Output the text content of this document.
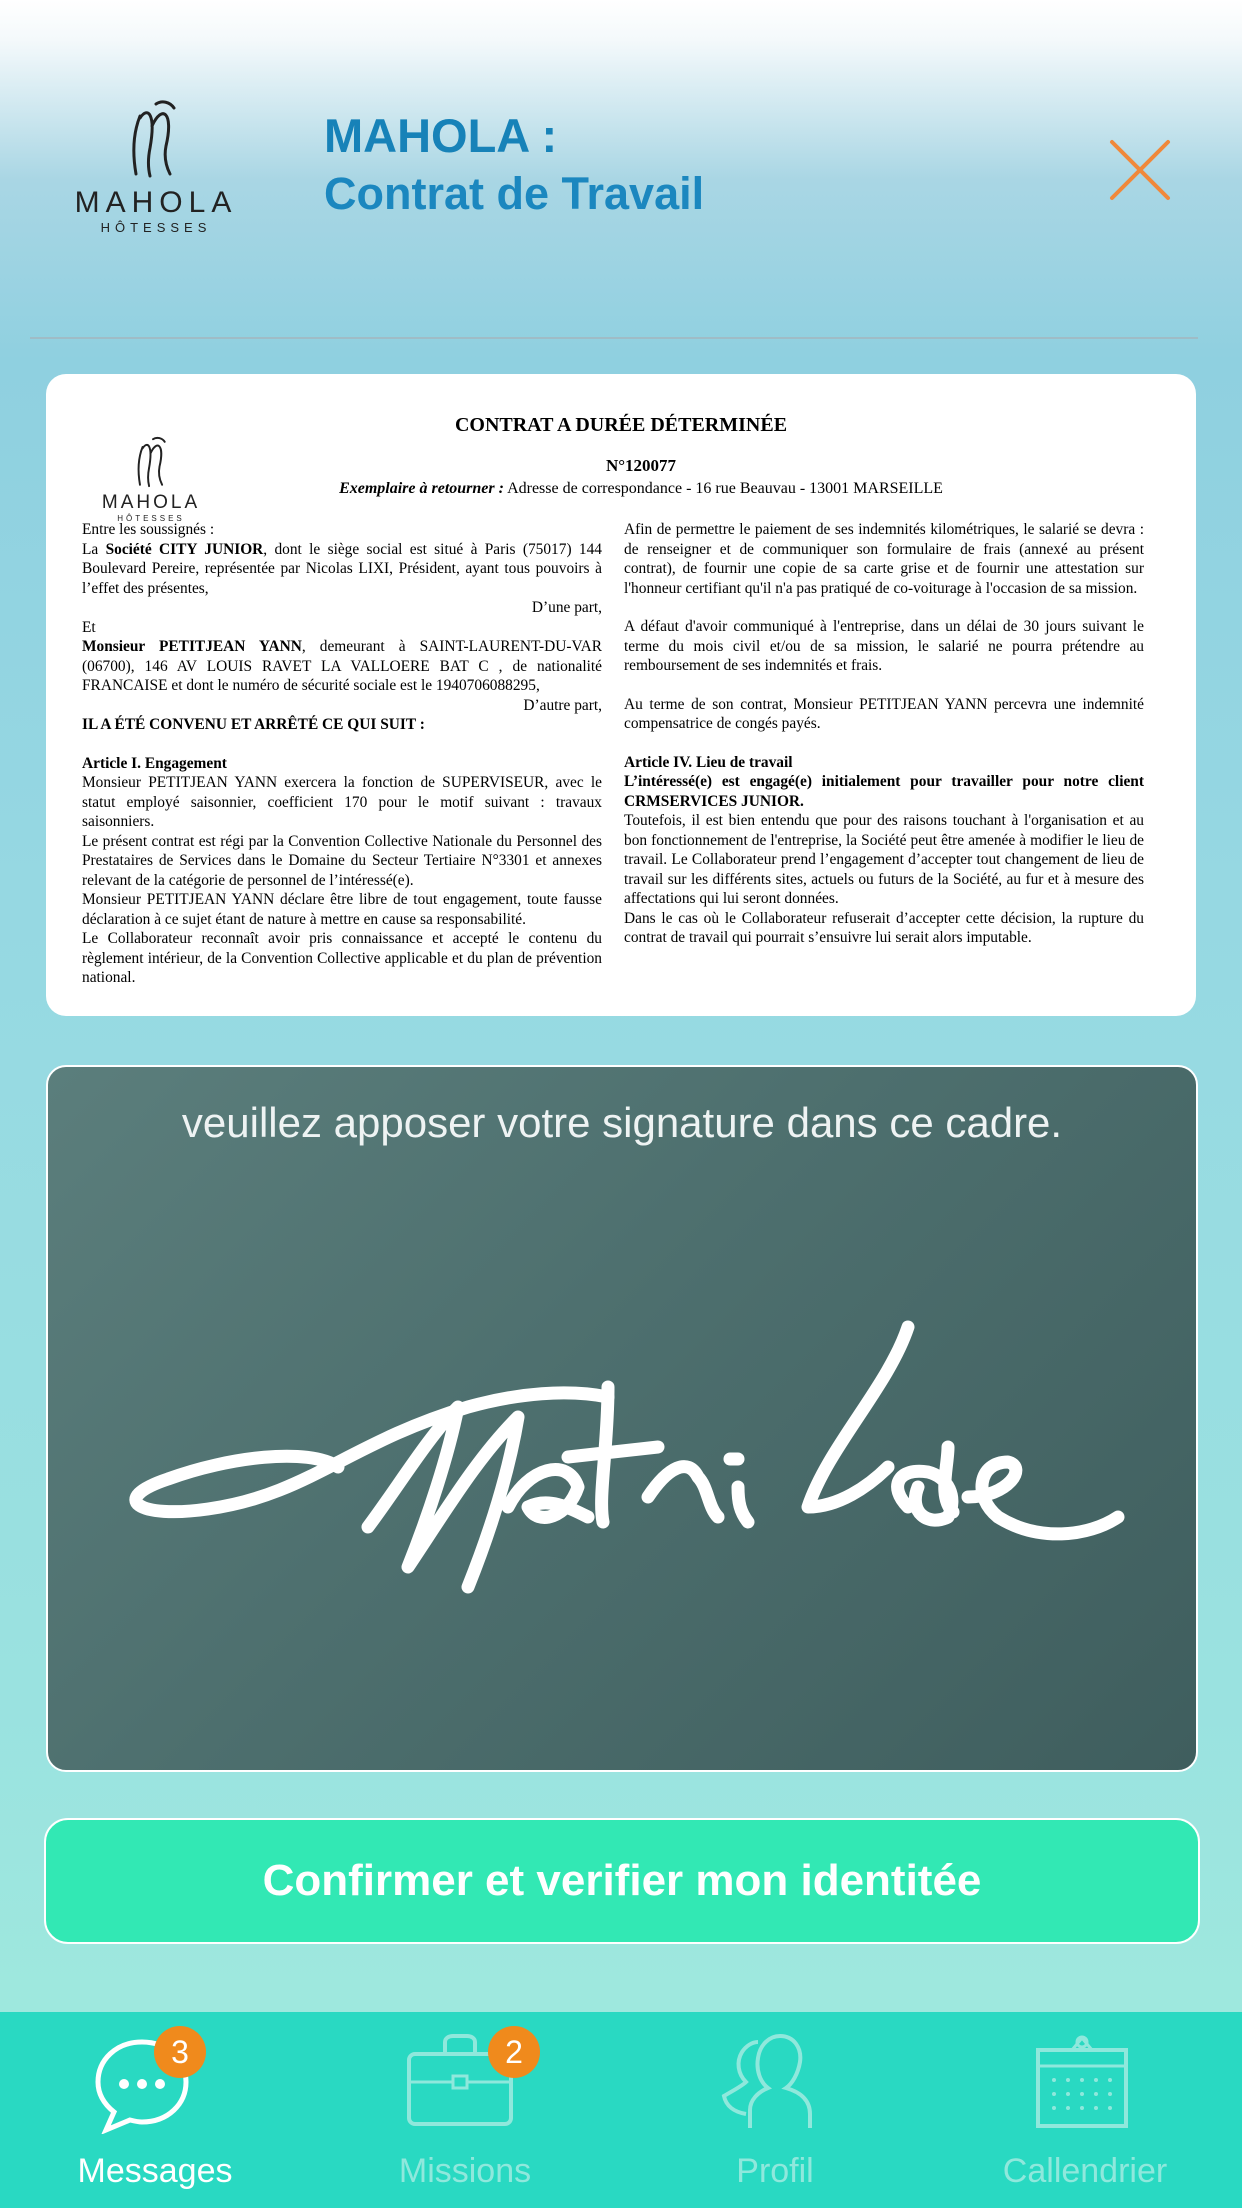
MAHOLA
HÔTESSES
MAHOLA :
Contrat de Travail
MAHOLA
HÔTESSES
CONTRAT A DURÉE DÉTERMINÉE
N°120077
Exemplaire à retourner : Adresse de correspondance - 16 rue Beauvau - 13001 MARSEILLE

Entre les soussignés :

La Société CITY JUNIOR, dont le siège social est situé à Paris (75017) 144 Boulevard Pereire, représentée par Nicolas LIXI, Président, ayant tous pouvoirs à l’effet des présentes,

D’une part,

Et

Monsieur PETITJEAN YANN, demeurant à SAINT-LAURENT-DU-VAR (06700), 146 AV LOUIS RAVET LA VALLOERE BAT C , de nationalité FRANCAISE et dont le numéro de sécurité sociale est le 1940706088295,

D’autre part,

IL A ÉTÉ CONVENU ET ARRÊTÉ CE QUI SUIT :

Article I. Engagement

Monsieur PETITJEAN YANN exercera la fonction de SUPERVISEUR, avec le statut employé saisonnier, coefficient 170 pour le motif suivant : travaux saisonniers.

Le présent contrat est régi par la Convention Collective Nationale du Personnel des Prestataires de Services dans le Domaine du Secteur Tertiaire N°3301 et annexes relevant de la catégorie de personnel de l’intéressé(e).

Monsieur PETITJEAN YANN déclare être libre de tout engagement, toute fausse déclaration à ce sujet étant de nature à mettre en cause sa responsabilité.

Le Collaborateur reconnaît avoir pris connaissance et accepté le contenu du règlement intérieur, de la Convention Collective applicable et du plan de prévention national.

Afin de permettre le paiement de ses indemnités kilométriques, le salarié se devra : de renseigner et de communiquer son formulaire de frais (annexé au présent contrat), de fournir une copie de sa carte grise et de fournir une attestation sur l'honneur certifiant qu'il n'a pas pratiqué de co-voiturage à l'occasion de sa mission.

A défaut d'avoir communiqué à l'entreprise, dans un délai de 30 jours suivant le terme du mois civil et/ou de sa mission, le salarié ne pourra prétendre au remboursement de ses indemnités et frais.

Au terme de son contrat, Monsieur PETITJEAN YANN percevra une indemnité compensatrice de congés payés.

Article IV. Lieu de travail

L’intéressé(e) est engagé(e) initialement pour travailler pour notre client CRMSERVICES JUNIOR.

Toutefois, il est bien entendu que pour des raisons touchant à l'organisation et au bon fonctionnement de l'entreprise, la Société peut être amenée à modifier le lieu de travail. Le Collaborateur prend l’engagement d’accepter tout changement de lieu de travail sur les différents sites, actuels ou futurs de la Société, au fur et à mesure des affectations qui lui seront données.

Dans le cas où le Collaborateur refuserait d’accepter cette décision, la rupture du contrat de travail qui pourrait s’ensuivre lui serait alors imputable.

veuillez apposer votre signature dans ce cadre.
Confirmer et verifier mon identitée
3
Messages
2
Missions	Profil	Callendrier
